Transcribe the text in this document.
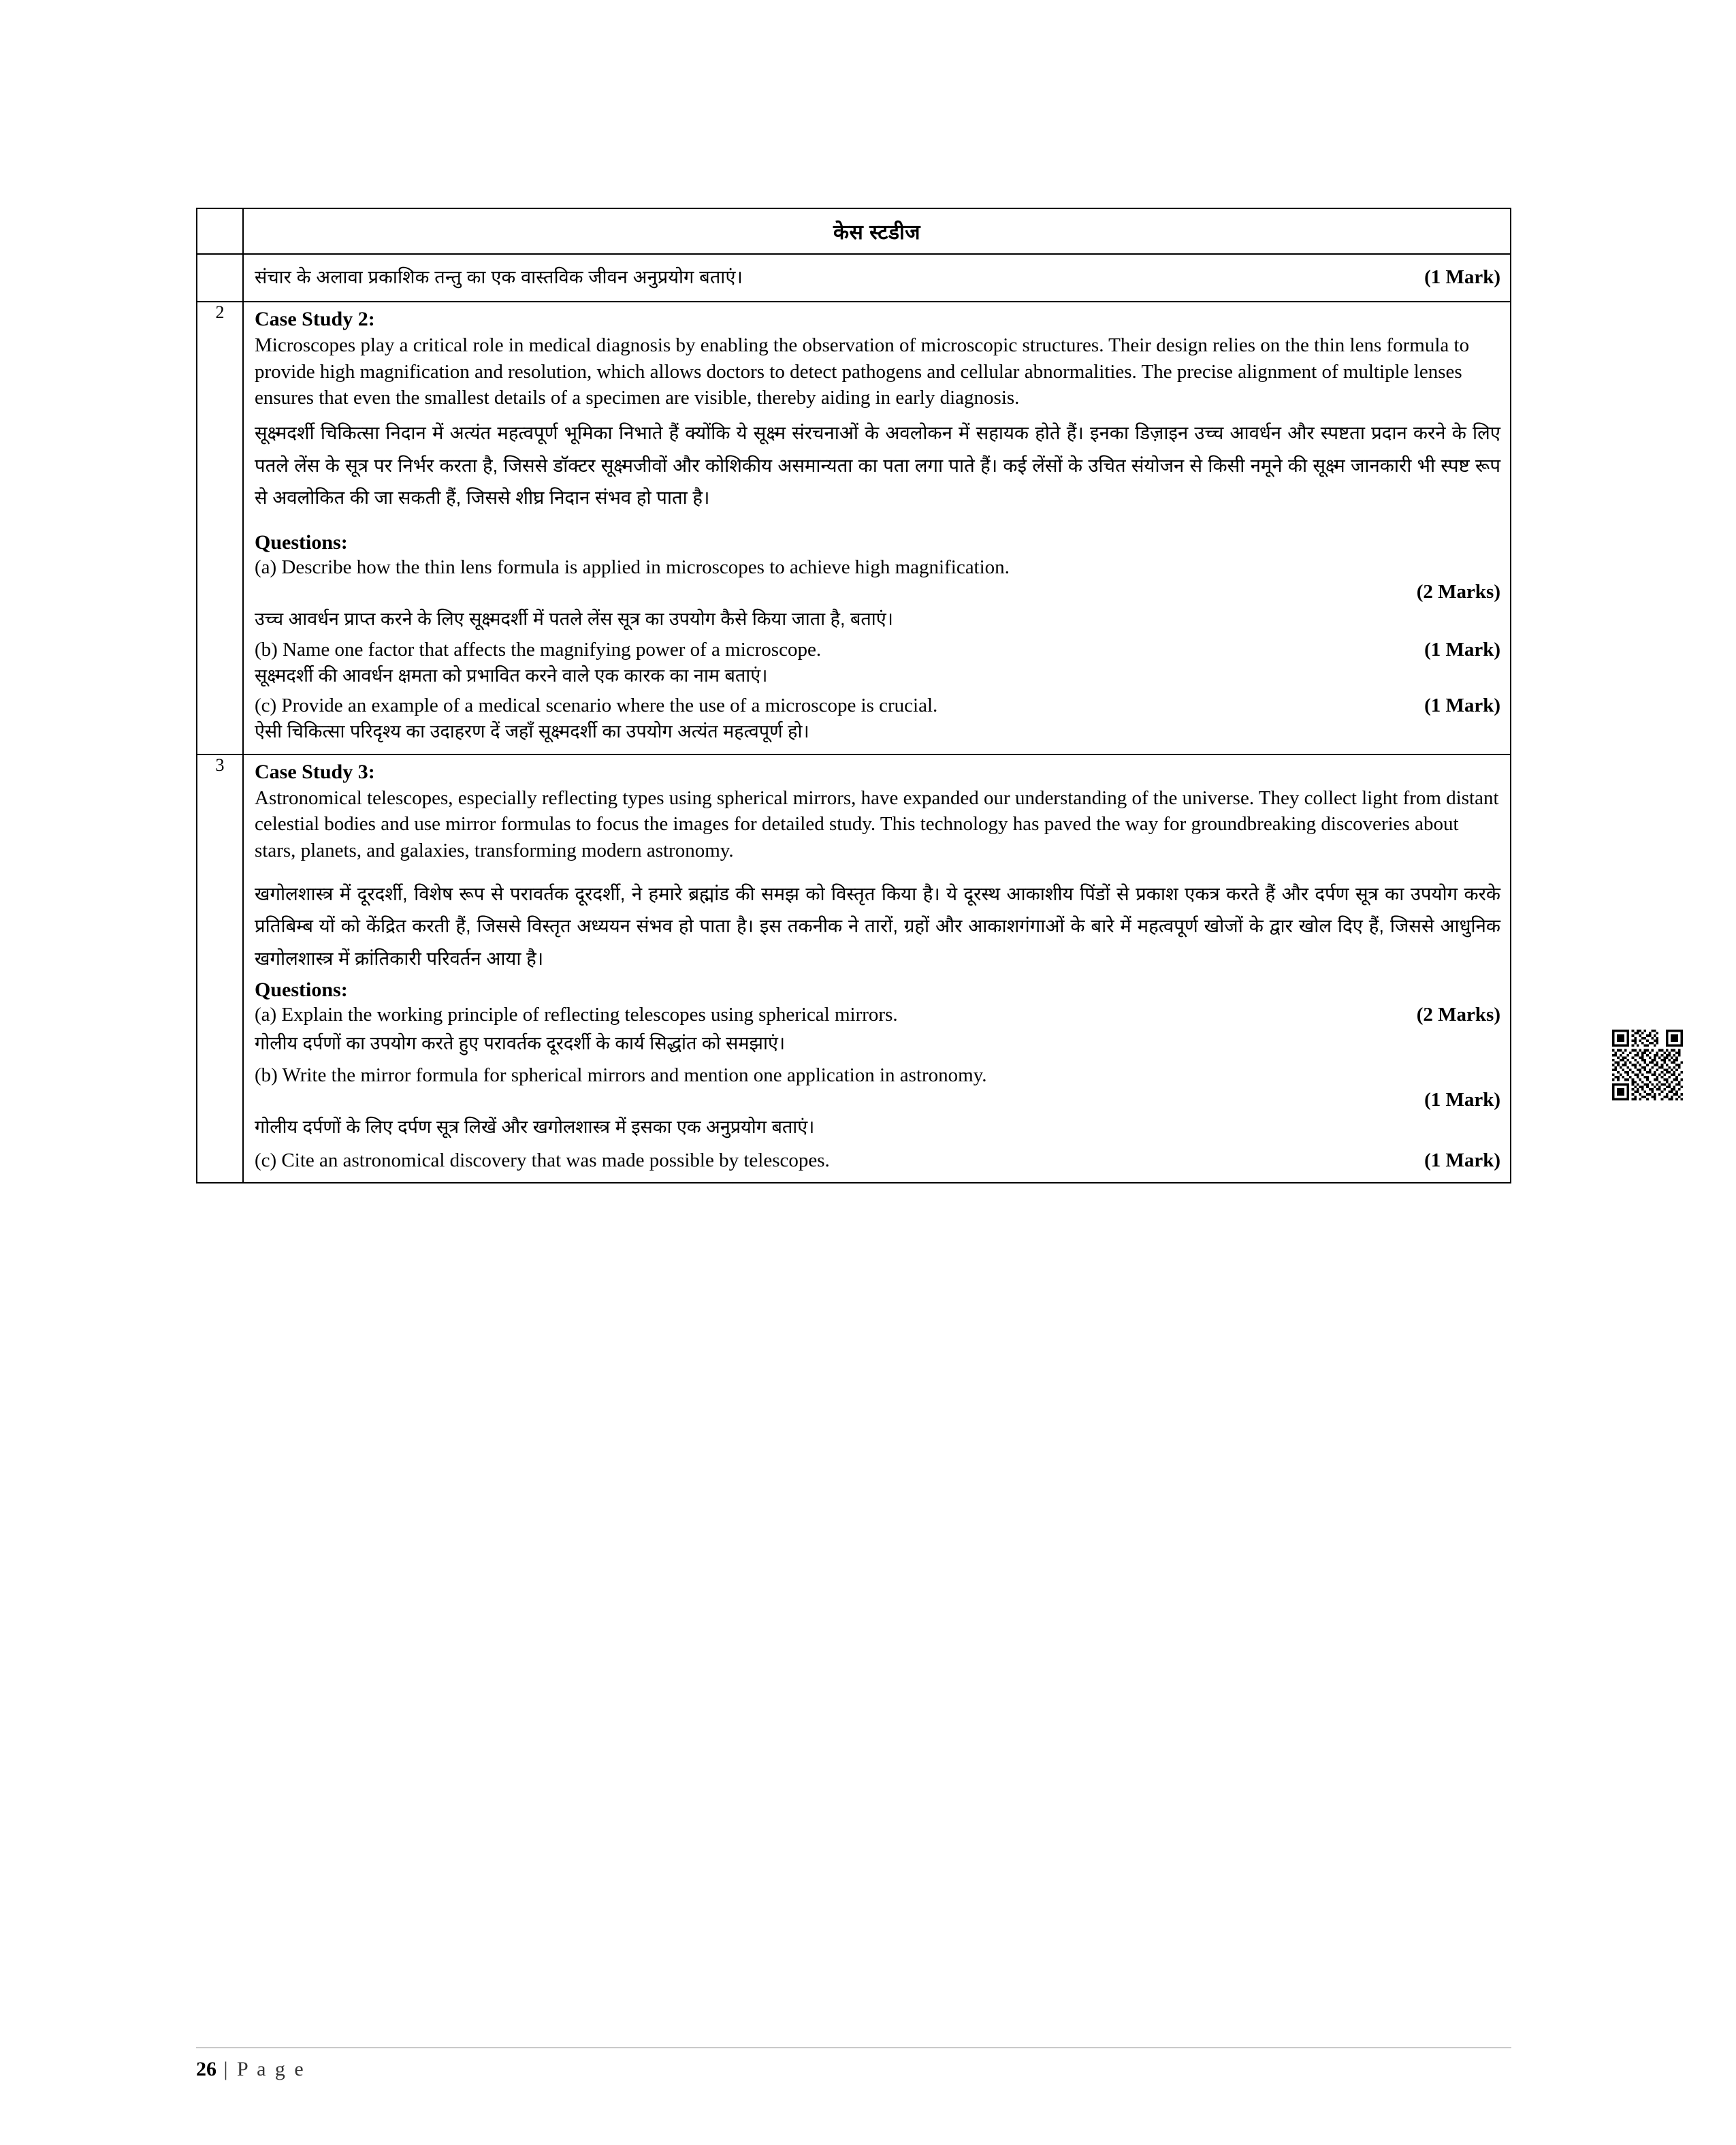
	केस स्टडीज

	संचार के अलावा प्रकाशिक तन्तु का एक वास्तविक जीवन अनुप्रयोग बताएं। (1 Mark)

2	Case Study 2:
Microscopes play a critical role in medical diagnosis by enabling the observation of microscopic structures. Their design relies on the thin lens formula to provide high magnification and resolution, which allows doctors to detect pathogens and cellular abnormalities. The precise alignment of multiple lenses ensures that even the smallest details of a specimen are visible, thereby aiding in early diagnosis.
सूक्ष्मदर्शी चिकित्सा निदान में अत्यंत महत्वपूर्ण भूमिका निभाते हैं क्योंकि ये सूक्ष्म संरचनाओं के अवलोकन में सहायक होते हैं। इनका डिज़ाइन उच्च आवर्धन और स्पष्टता प्रदान करने के लिए पतले लेंस के सूत्र पर निर्भर करता है, जिससे डॉक्टर सूक्ष्मजीवों और कोशिकीय असमान्यता का पता लगा पाते हैं। कई लेंसों के उचित संयोजन से किसी नमूने की सूक्ष्म जानकारी भी स्पष्ट रूप से अवलोकित की जा सकती हैं, जिससे शीघ्र निदान संभव हो पाता है।
Questions:
(a) Describe how the thin lens formula is applied in microscopes to achieve high magnification.
(2 Marks)
उच्च आवर्धन प्राप्त करने के लिए सूक्ष्मदर्शी में पतले लेंस सूत्र का उपयोग कैसे किया जाता है, बताएं।
(b) Name one factor that affects the magnifying power of a microscope.	(1 Mark)
सूक्ष्मदर्शी की आवर्धन क्षमता को प्रभावित करने वाले एक कारक का नाम बताएं।
(c) Provide an example of a medical scenario where the use of a microscope is crucial.	(1 Mark)
ऐसी चिकित्सा परिदृश्य का उदाहरण दें जहाँ सूक्ष्मदर्शी का उपयोग अत्यंत महत्वपूर्ण हो।

3	Case Study 3:
Astronomical telescopes, especially reflecting types using spherical mirrors, have expanded our understanding of the universe. They collect light from distant celestial bodies and use mirror formulas to focus the images for detailed study. This technology has paved the way for groundbreaking discoveries about stars, planets, and galaxies, transforming modern astronomy.
खगोलशास्त्र में दूरदर्शी, विशेष रूप से परावर्तक दूरदर्शी, ने हमारे ब्रह्मांड की समझ को विस्तृत किया है। ये दूरस्थ आकाशीय पिंडों से प्रकाश एकत्र करते हैं और दर्पण सूत्र का उपयोग करके प्रतिबिम्ब यों को केंद्रित करती हैं, जिससे विस्तृत अध्ययन संभव हो पाता है। इस तकनीक ने तारों, ग्रहों और आकाशगंगाओं के बारे में महत्वपूर्ण खोजों के द्वार खोल दिए हैं, जिससे आधुनिक खगोलशास्त्र में क्रांतिकारी परिवर्तन आया है।
Questions:
(a) Explain the working principle of reflecting telescopes using spherical mirrors.	(2 Marks)
गोलीय दर्पणों का उपयोग करते हुए परावर्तक दूरदर्शी के कार्य सिद्धांत को समझाएं।
(b) Write the mirror formula for spherical mirrors and mention one application in astronomy.
(1 Mark)
गोलीय दर्पणों के लिए दर्पण सूत्र लिखें और खगोलशास्त्र में इसका एक अनुप्रयोग बताएं।
(c) Cite an astronomical discovery that was made possible by telescopes.	(1 Mark)
26 | P a g e
